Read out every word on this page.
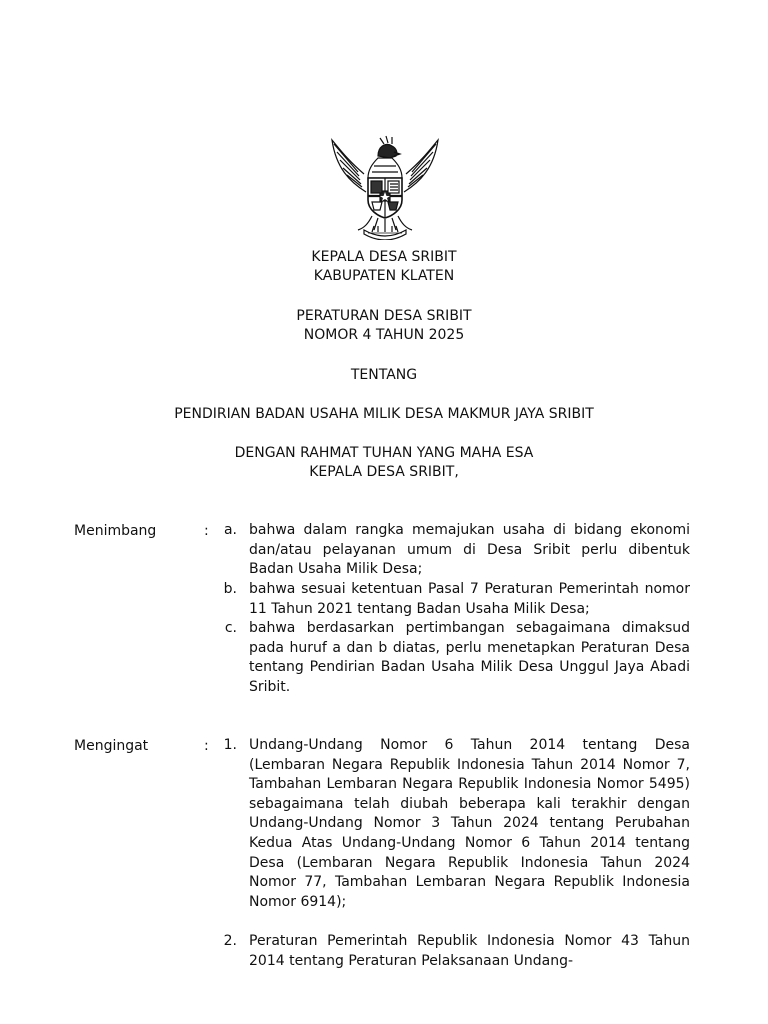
KEPALA DESA SRIBIT
KABUPATEN KLATEN
PERATURAN DESA SRIBIT
NOMOR 4 TAHUN 2025
TENTANG
PENDIRIAN BADAN USAHA MILIK DESA MAKMUR JAYA SRIBIT
DENGAN RAHMAT TUHAN YANG MAHA ESA
KEPALA DESA SRIBIT,
Menimbang	:	a. bahwa dalam rangka memajukan usaha di bidang ekonomi dan/atau pelayanan umum di Desa Sribit perlu dibentuk Badan Usaha Milik Desa;
b. bahwa sesuai ketentuan Pasal 7 Peraturan Pemerintah nomor 11 Tahun 2021 tentang Badan Usaha Milik Desa;
c. bahwa berdasarkan pertimbangan sebagaimana dimaksud pada huruf a dan b diatas, perlu menetapkan Peraturan Desa tentang Pendirian Badan Usaha Milik Desa Unggul Jaya Abadi Sribit.
Mengingat	:	1. Undang-Undang Nomor 6 Tahun 2014 tentang Desa (Lembaran Negara Republik Indonesia Tahun 2014 Nomor 7, Tambahan Lembaran Negara Republik Indonesia Nomor 5495) sebagaimana telah diubah beberapa kali terakhir dengan Undang-Undang Nomor 3 Tahun 2024 tentang Perubahan Kedua Atas Undang-Undang Nomor 6 Tahun 2014 tentang Desa (Lembaran Negara Republik Indonesia Tahun 2024 Nomor 77, Tambahan Lembaran Negara Republik Indonesia Nomor 6914);
2. Peraturan Pemerintah Republik Indonesia Nomor 43 Tahun 2014 tentang Peraturan Pelaksanaan Undang-
